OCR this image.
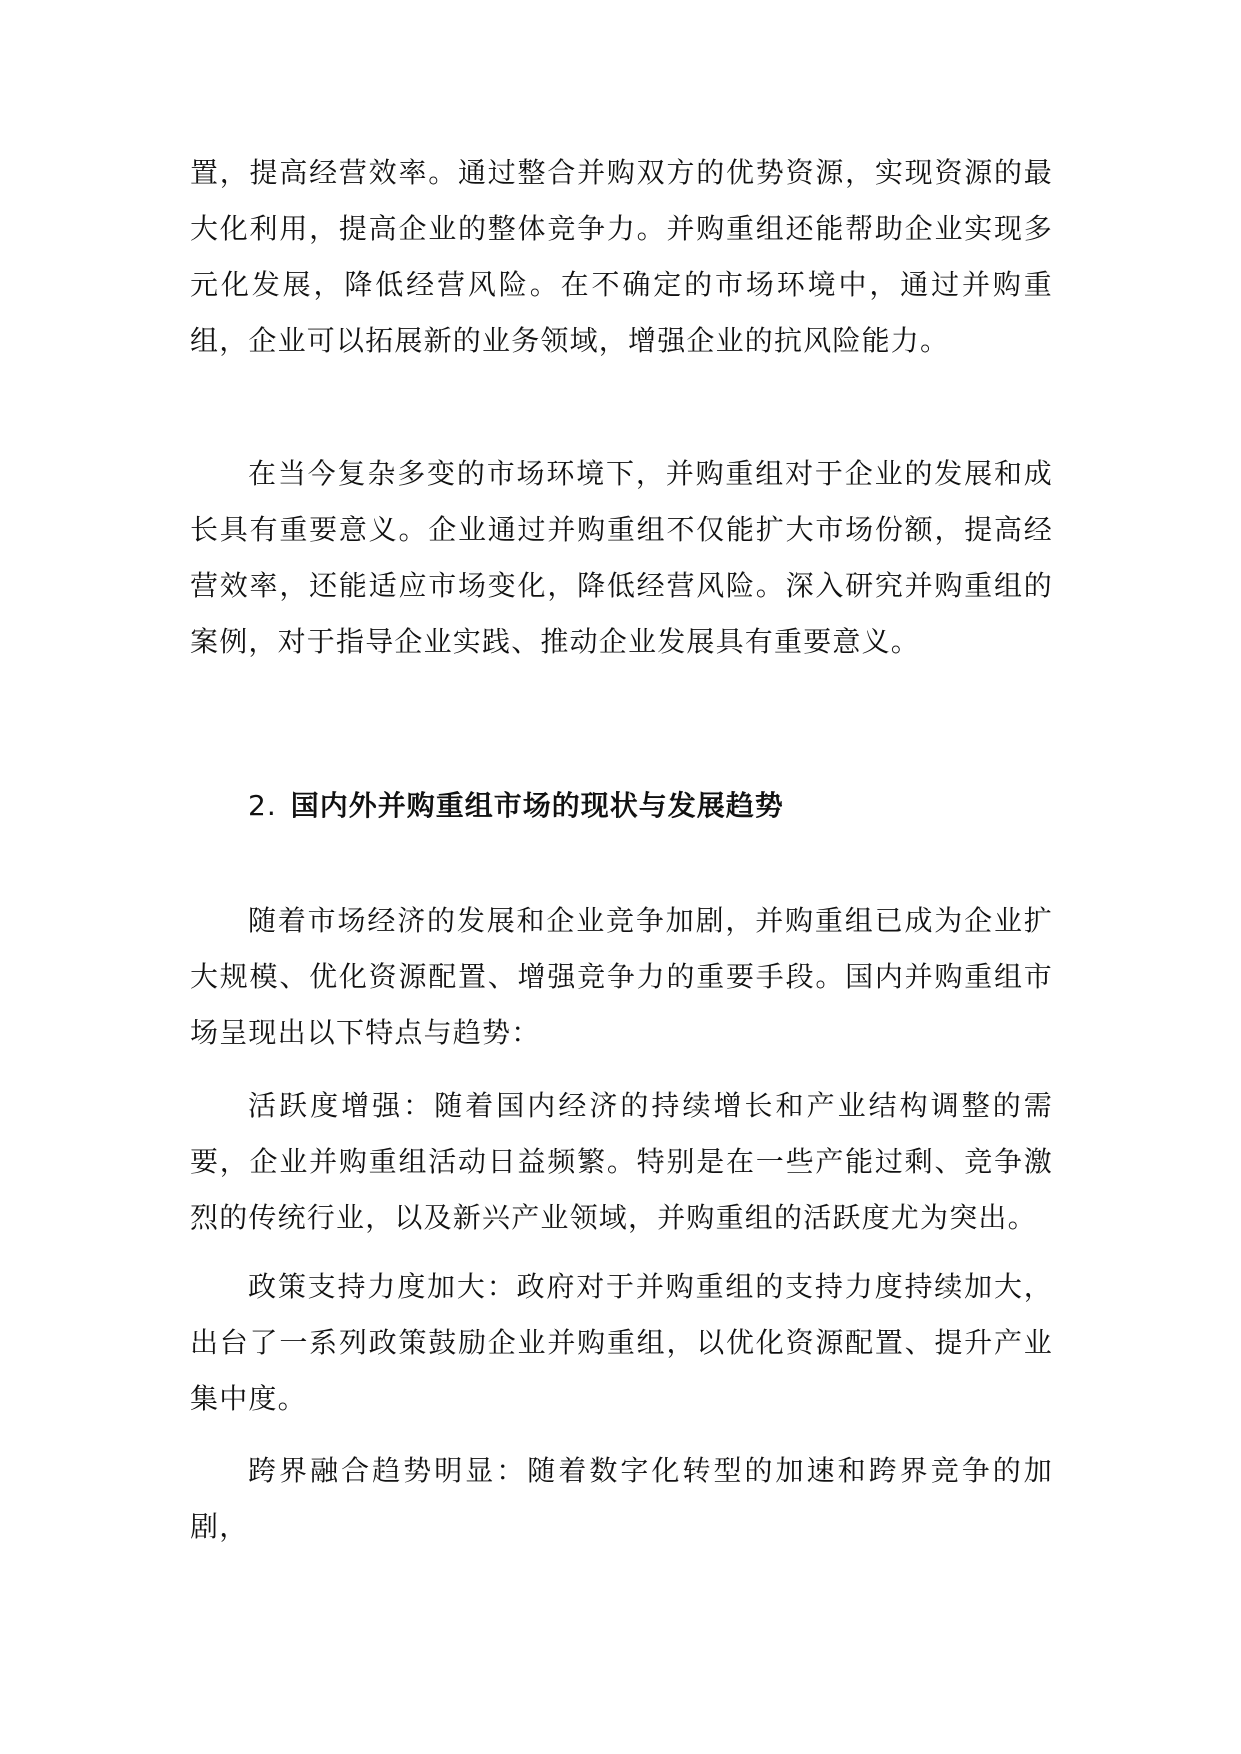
置，提高经营效率。通过整合并购双方的优势资源，实现资源的最大化利用，提高企业的整体竞争力。并购重组还能帮助企业实现多元化发展，降低经营风险。在不确定的市场环境中，通过并购重组，企业可以拓展新的业务领域，增强企业的抗风险能力。

在当今复杂多变的市场环境下，并购重组对于企业的发展和成长具有重要意义。企业通过并购重组不仅能扩大市场份额，提高经营效率，还能适应市场变化，降低经营风险。深入研究并购重组的案例，对于指导企业实践、推动企业发展具有重要意义。

2. 国内外并购重组市场的现状与发展趋势

随着市场经济的发展和企业竞争加剧，并购重组已成为企业扩大规模、优化资源配置、增强竞争力的重要手段。国内并购重组市场呈现出以下特点与趋势：

活跃度增强：随着国内经济的持续增长和产业结构调整的需要，企业并购重组活动日益频繁。特别是在一些产能过剩、竞争激烈的传统行业，以及新兴产业领域，并购重组的活跃度尤为突出。

政策支持力度加大：政府对于并购重组的支持力度持续加大，出台了一系列政策鼓励企业并购重组，以优化资源配置、提升产业集中度。

跨界融合趋势明显：随着数字化转型的加速和跨界竞争的加剧，
